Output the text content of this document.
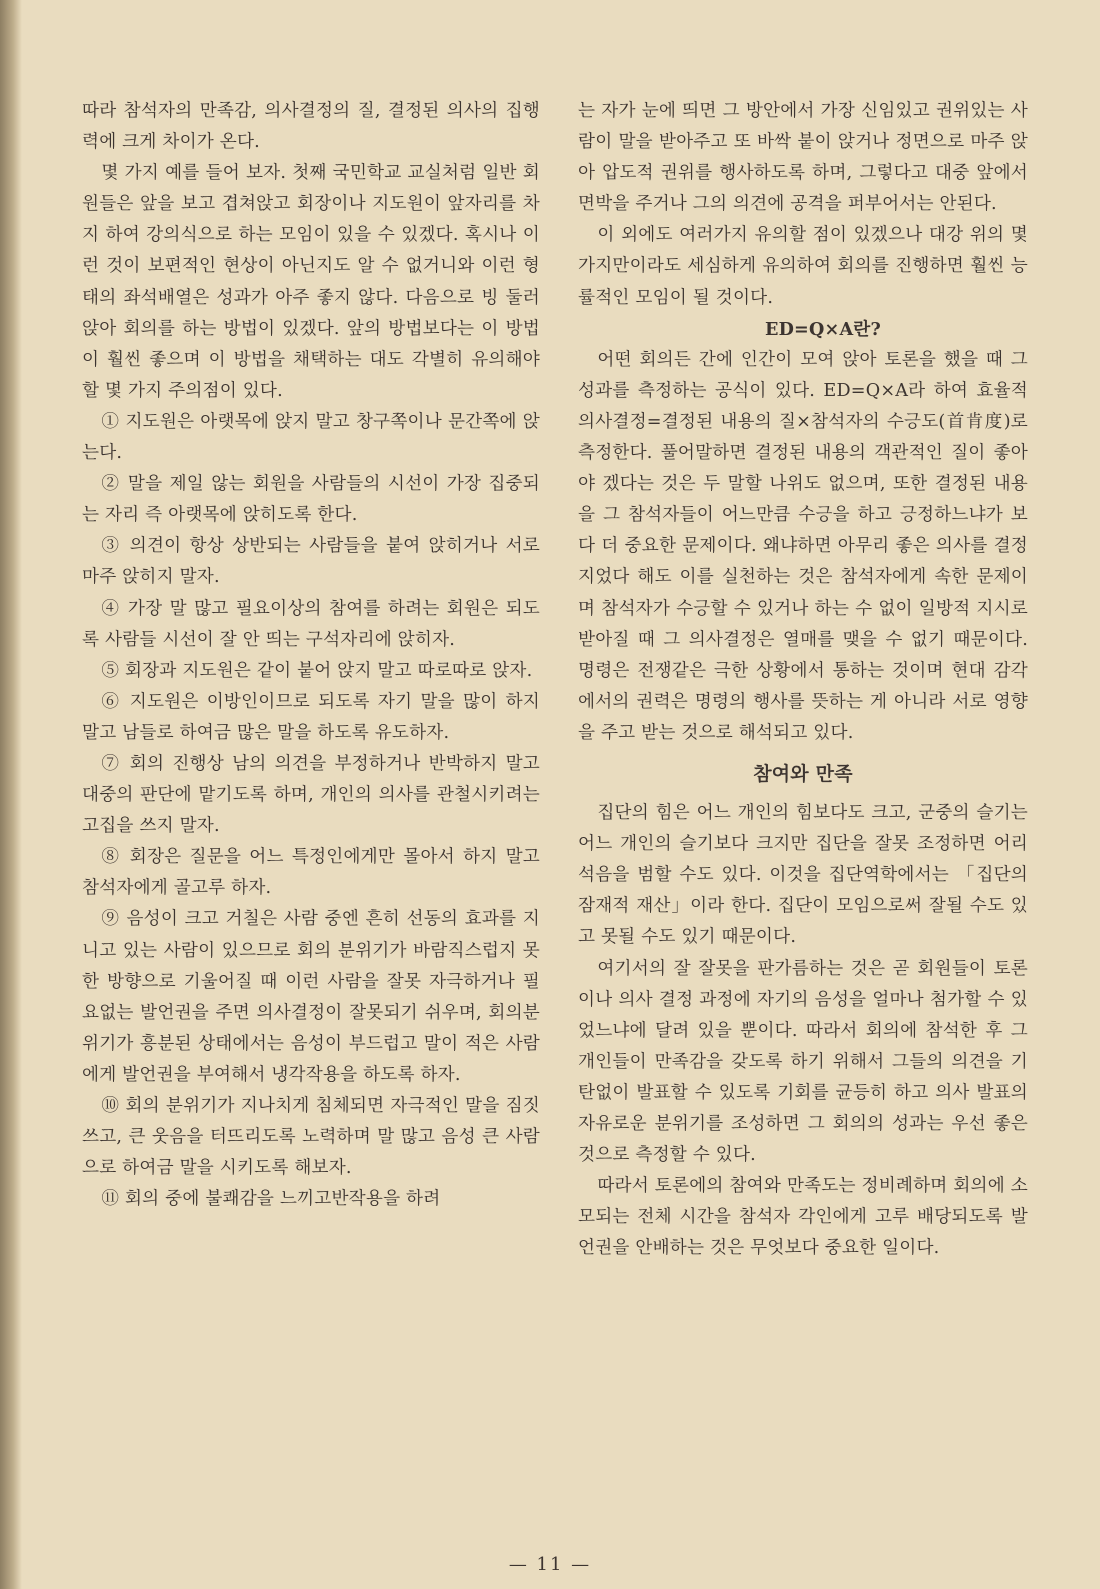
따라 참석자의 만족감, 의사결정의 질, 결정된 의사의 집행력에 크게 차이가 온다.

몇 가지 예를 들어 보자. 첫째 국민학교 교실처럼 일반 회원들은 앞을 보고 겹쳐앉고 회장이나 지도원이 앞자리를 차지 하여 강의식으로 하는 모임이 있을 수 있겠다. 혹시나 이런 것이 보편적인 현상이 아닌지도 알 수 없거니와 이런 형태의 좌석배열은 성과가 아주 좋지 않다. 다음으로 빙 둘러앉아 회의를 하는 방법이 있겠다. 앞의 방법보다는 이 방법이 훨씬 좋으며 이 방법을 채택하는 대도 각별히 유의해야 할 몇 가지 주의점이 있다.

① 지도원은 아랫목에 앉지 말고 창구쪽이나 문간쪽에 앉는다.

② 말을 제일 않는 회원을 사람들의 시선이 가장 집중되는 자리 즉 아랫목에 앉히도록 한다.

③ 의견이 항상 상반되는 사람들을 붙여 앉히거나 서로 마주 앉히지 말자.

④ 가장 말 많고 필요이상의 참여를 하려는 회원은 되도록 사람들 시선이 잘 안 띄는 구석자리에 앉히자.

⑤ 회장과 지도원은 같이 붙어 앉지 말고 따로따로 앉자.

⑥ 지도원은 이방인이므로 되도록 자기 말을 많이 하지 말고 남들로 하여금 많은 말을 하도록 유도하자.

⑦ 회의 진행상 남의 의견을 부정하거나 반박하지 말고 대중의 판단에 맡기도록 하며, 개인의 의사를 관철시키려는 고집을 쓰지 말자.

⑧ 회장은 질문을 어느 특정인에게만 몰아서 하지 말고 참석자에게 골고루 하자.

⑨ 음성이 크고 거칠은 사람 중엔 흔히 선동의 효과를 지니고 있는 사람이 있으므로 회의 분위기가 바람직스럽지 못한 방향으로 기울어질 때 이런 사람을 잘못 자극하거나 필요없는 발언권을 주면 의사결정이 잘못되기 쉬우며, 회의분위기가 흥분된 상태에서는 음성이 부드럽고 말이 적은 사람에게 발언권을 부여해서 냉각작용을 하도록 하자.

⑩ 회의 분위기가 지나치게 침체되면 자극적인 말을 짐짓 쓰고, 큰 웃음을 터뜨리도록 노력하며 말 많고 음성 큰 사람으로 하여금 말을 시키도록 해보자.

⑪ 회의 중에 불쾌감을 느끼고반작용을 하려

는 자가 눈에 띄면 그 방안에서 가장 신임있고 권위있는 사람이 말을 받아주고 또 바싹 붙이 앉거나 정면으로 마주 앉아 압도적 권위를 행사하도록 하며, 그렇다고 대중 앞에서 면박을 주거나 그의 의견에 공격을 퍼부어서는 안된다.

이 외에도 여러가지 유의할 점이 있겠으나 대강 위의 몇 가지만이라도 세심하게 유의하여 회의를 진행하면 훨씬 능률적인 모임이 될 것이다.

ED=Q×A란?

어떤 회의든 간에 인간이 모여 앉아 토론을 했을 때 그 성과를 측정하는 공식이 있다. ED=Q×A라 하여 효율적 의사결정=결정된 내용의 질×참석자의 수긍도(首肯度)로 측정한다. 풀어말하면 결정된 내용의 객관적인 질이 좋아야 겠다는 것은 두 말할 나위도 없으며, 또한 결정된 내용을 그 참석자들이 어느만큼 수긍을 하고 긍정하느냐가 보다 더 중요한 문제이다. 왜냐하면 아무리 좋은 의사를 결정지었다 해도 이를 실천하는 것은 참석자에게 속한 문제이며 참석자가 수긍할 수 있거나 하는 수 없이 일방적 지시로 받아질 때 그 의사결정은 열매를 맺을 수 없기 때문이다. 명령은 전쟁같은 극한 상황에서 통하는 것이며 현대 감각에서의 권력은 명령의 행사를 뜻하는 게 아니라 서로 영향을 주고 받는 것으로 해석되고 있다.

참여와 만족

집단의 힘은 어느 개인의 힘보다도 크고, 군중의 슬기는 어느 개인의 슬기보다 크지만 집단을 잘못 조정하면 어리석음을 범할 수도 있다. 이것을 집단역학에서는 「집단의 잠재적 재산」이라 한다. 집단이 모임으로써 잘될 수도 있고 못될 수도 있기 때문이다.

여기서의 잘 잘못을 판가름하는 것은 곧 회원들이 토론이나 의사 결정 과정에 자기의 음성을 얼마나 첨가할 수 있었느냐에 달려 있을 뿐이다. 따라서 회의에 참석한 후 그 개인들이 만족감을 갖도록 하기 위해서 그들의 의견을 기탄없이 발표할 수 있도록 기회를 균등히 하고 의사 발표의 자유로운 분위기를 조성하면 그 회의의 성과는 우선 좋은 것으로 측정할 수 있다.

따라서 토론에의 참여와 만족도는 정비례하며 회의에 소모되는 전체 시간을 참석자 각인에게 고루 배당되도록 발언권을 안배하는 것은 무엇보다 중요한 일이다.

— 11 —
